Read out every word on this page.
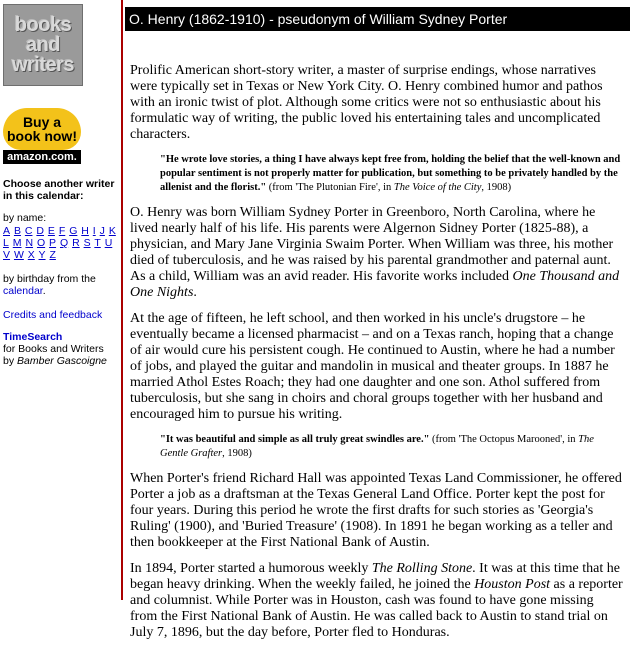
books
and
writers
Buy a
book now!
amazon.com.
Choose another writer in this calendar:
by name:
A B C D E F G H I J K L M N O P Q R S T U V W X Y Z
by birthday from the calendar.
Credits and feedback
TimeSearch
for Books and Writers
by Bamber Gascoigne
O. Henry (1862-1910) - pseudonym of William Sydney Porter

Prolific American short-story writer, a master of surprise endings, whose narratives were typically set in Texas or New York City. O. Henry combined humor and pathos with an ironic twist of plot. Although some critics were not so enthusiastic about his formulatic way of writing, the public loved his entertaining tales and uncomplicated characters.

"He wrote love stories, a thing I have always kept free from, holding the belief that the well-known and popular sentiment is not properly matter for publication, but something to be privately handled by the allenist and the florist." (from 'The Plutonian Fire', in The Voice of the City, 1908)

O. Henry was born William Sydney Porter in Greenboro, North Carolina, where he lived nearly half of his life. His parents were Algernon Sidney Porter (1825-88), a physician, and Mary Jane Virginia Swaim Porter. When William was three, his mother died of tuberculosis, and he was raised by his parental grandmother and paternal aunt. As a child, William was an avid reader. His favorite works included One Thousand and One Nights.

At the age of fifteen, he left school, and then worked in his uncle's drugstore – he eventually became a licensed pharmacist – and on a Texas ranch, hoping that a change of air would cure his persistent cough. He continued to Austin, where he had a number of jobs, and played the guitar and mandolin in musical and theater groups. In 1887 he married Athol Estes Roach; they had one daughter and one son. Athol suffered from tuberculosis, but she sang in choirs and choral groups together with her husband and encouraged him to pursue his writing.

"It was beautiful and simple as all truly great swindles are." (from 'The Octopus Marooned', in The Gentle Grafter, 1908)

When Porter's friend Richard Hall was appointed Texas Land Commissioner, he offered Porter a job as a draftsman at the Texas General Land Office. Porter kept the post for four years. During this period he wrote the first drafts for such stories as 'Georgia's Ruling' (1900), and 'Buried Treasure' (1908). In 1891 he began working as a teller and then bookkeeper at the First National Bank of Austin.

In 1894, Porter started a humorous weekly The Rolling Stone. It was at this time that he began heavy drinking. When the weekly failed, he joined the Houston Post as a reporter and columnist. While Porter was in Houston, cash was found to have gone missing from the First National Bank of Austin. He was called back to Austin to stand trial on July 7, 1896, but the day before, Porter fled to Honduras.
